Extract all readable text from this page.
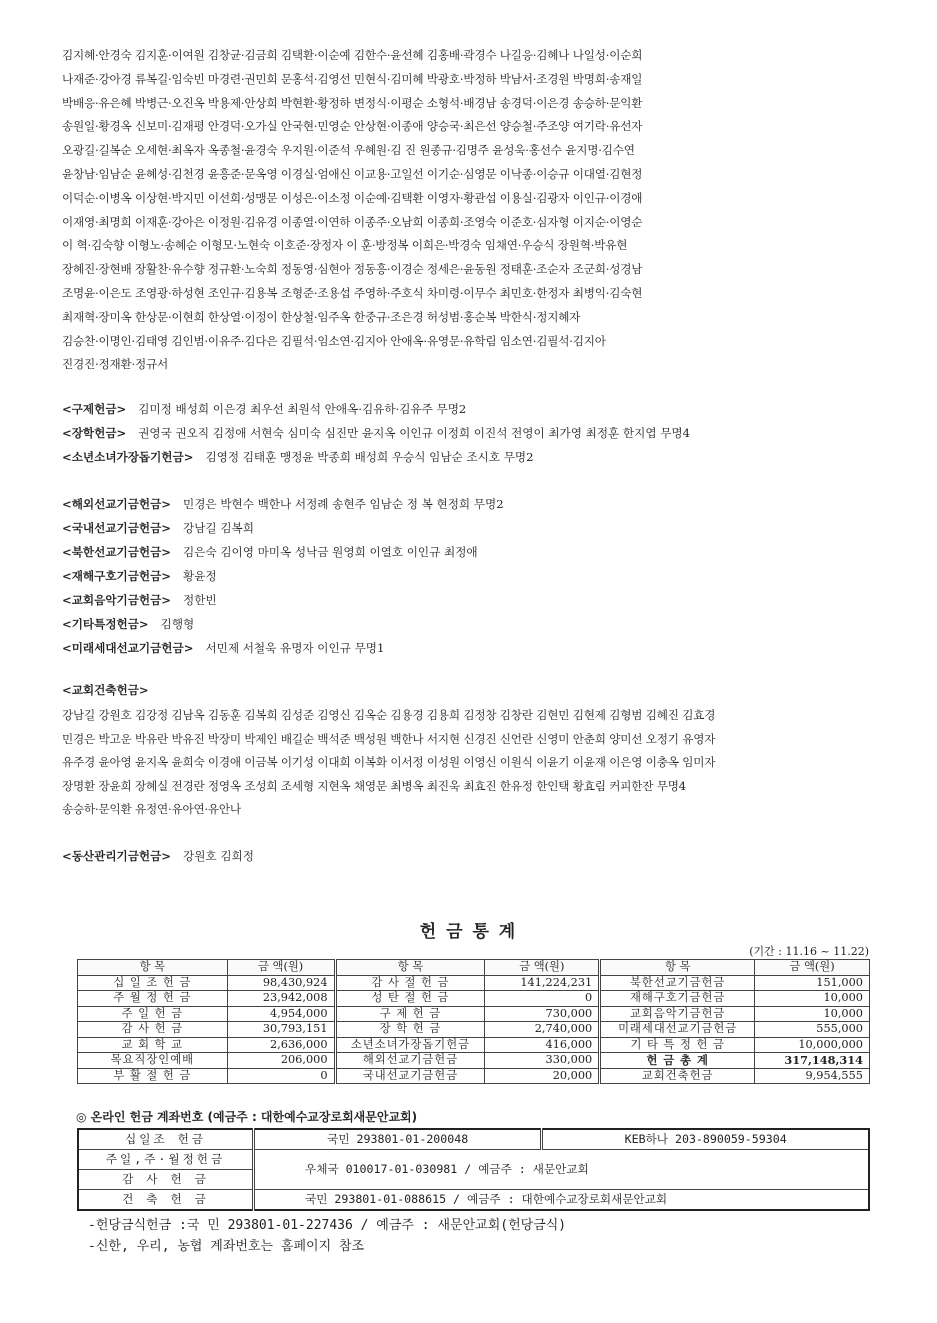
김지혜·안경숙 김지훈·이여원 김창균·김금희 김택환·이순예 김한수·윤선혜 김홍배·곽경수 나길응·김혜나 나일성·이순희
나재준·강아경 류복길·임숙빈 마경련·권민희 문홍석·김영선 민현식·김미혜 박광호·박정하 박남서·조경원 박명희·송재일
박배응·유은혜 박병근·오진옥 박용제·안상희 박현환·황정하 변정식·이평순 소형석·배경남 송경덕·이은경 송승하·문익환
송원일·황경옥 신보미·김재평 안경덕·오가실 안국현·민영순 안상현·이종애 양승국·최은선 양승철·주조양 여기락·유선자
오광길·길복순 오세현·최옥자 옥종철·윤경숙 우지원·이준석 우혜원·김 진 원종규·김명주 윤성욱·홍선수 윤지명·김수연
윤창남·임남순 윤혜성·김천경 윤흥준·문옥영 이경실·엄애신 이교용·고일선 이기순·심영문 이낙종·이승규 이대열·김현정
이덕순·이병옥 이상현·박지민 이선희·성맹문 이성은·이소정 이순예·김택환 이영자·황관섭 이용실·김광자 이인규·이경애
이재영·최명희 이재훈·강아은 이정원·김유경 이종열·이연하 이종주·오남희 이종희·조영숙 이준호·심자형 이지순·이영순
이 혁·김숙향 이형노·송혜순 이형모·노현숙 이호준·장정자 이 훈·방정복 이희은·박경숙 임채연·우승식 장원혁·박유현
장혜진·장현배 장활찬·유수향 정규환·노숙희 정동영·심현아 정동흥·이경순 정세은·윤동원 정태훈·조순자 조군희·성경남
조명윤·이은도 조영광·하성현 조인규·김용복 조형준·조용섭 주영하·주호식 차미령·이무수 최민호·한정자 최병익·김숙현
최재혁·장미옥 한상문·이현희 한상열·이정이 한상철·임주옥 한중규·조은경 허성범·홍순복 박한식·정지혜자
김승찬·이명인·김태영 김인범·이유주·김다은 김필석·임소연·김지아 안애옥·유영문·유학림 임소연·김필석·김지아
진경진·정재환·정규서
<구제헌금> 김미정 배성희 이은경 최우선 최원석 안애옥·김유하·김유주 무명2
<장학헌금> 권영국 권오직 김정애 서현숙 심미숙 심진만 윤지옥 이인규 이정희 이진석 전영이 최가영 최정훈 한지엽 무명4
<소년소녀가장돕기헌금> 김영정 김태훈 맹정윤 박종희 배성희 우승식 임남순 조시호 무명2
<해외선교기금헌금> 민경은 박현수 백한나 서정례 송현주 임남순 정 복 현정희 무명2
<국내선교기금헌금> 강남길 김복희
<북한선교기금헌금> 김은숙 김이영 마미옥 성낙금 원영희 이열호 이인규 최정애
<재해구호기금헌금> 황윤정
<교회음악기금헌금> 정한빈
<기타특정헌금> 김행형
<미래세대선교기금헌금> 서민제 서철욱 유명자 이인규 무명1
<교회건축헌금>
강남길 강원호 김강정 김남옥 김동훈 김복희 김성준 김영신 김옥순 김용경 김용희 김정창 김창란 김현민 김현제 김형범 김혜진 김효경
민경은 박고운 박유란 박유진 박장미 박제인 배길순 백석준 백성원 백한나 서지현 신경진 신언란 신영미 안춘희 양미선 오정기 유영자
유주경 윤아영 윤지옥 윤희숙 이경애 이금복 이기성 이대희 이복화 이서정 이성원 이영신 이원식 이윤기 이윤재 이은영 이충옥 임미자
장명환 장윤희 장혜실 전경란 정영옥 조성희 조세형 지현옥 채영문 최병옥 최진욱 최효진 한유정 한인택 황효림 커피한잔 무명4
송승하·문익환 유정연·유아연·유안나
<동산관리기금헌금> 강원호 김희정
헌 금 통 계
(기간 : 11.16 ~ 11.22)
항 목	금 액(원)	항 목	금 액(원)	항 목	금 액(원)
십 일 조 헌 금	98,430,924	감 사 절 헌 금	141,224,231	북한선교기금헌금	151,000
주 월 정 헌 금	23,942,008	성 탄 절 헌 금	0	재해구호기금헌금	10,000
주 일 헌 금	4,954,000	구 제 헌 금	730,000	교회음악기금헌금	10,000
감 사 헌 금	30,793,151	장 학 헌 금	2,740,000	미래세대선교기금헌금	555,000
교 회 학 교	2,636,000	소년소녀가장돕기헌금	416,000	기 타 특 정 헌 금	10,000,000
목요직장인예배	206,000	해외선교기금헌금	330,000	헌 금 총 계	317,148,314
부 활 절 헌 금	0	국내선교기금헌금	20,000	교회건축헌금	9,954,555
◎ 온라인 헌금 계좌번호 (예금주 : 대한예수교장로회새문안교회)
십일조 헌금	국민 293801-01-200048	KEB하나 203-890059-59304
주일,주·월정헌금	우체국 010017-01-030981 / 예금주 : 새문안교회	
감 사 헌 금		
건 축 헌 금	국민 293801-01-088615 / 예금주 : 대한예수교장로회새문안교회	
-헌당금식헌금 :국 민 293801-01-227436 / 예금주 : 새문안교회(헌당금식)
-신한, 우리, 농협 계좌번호는 홈페이지 참조
